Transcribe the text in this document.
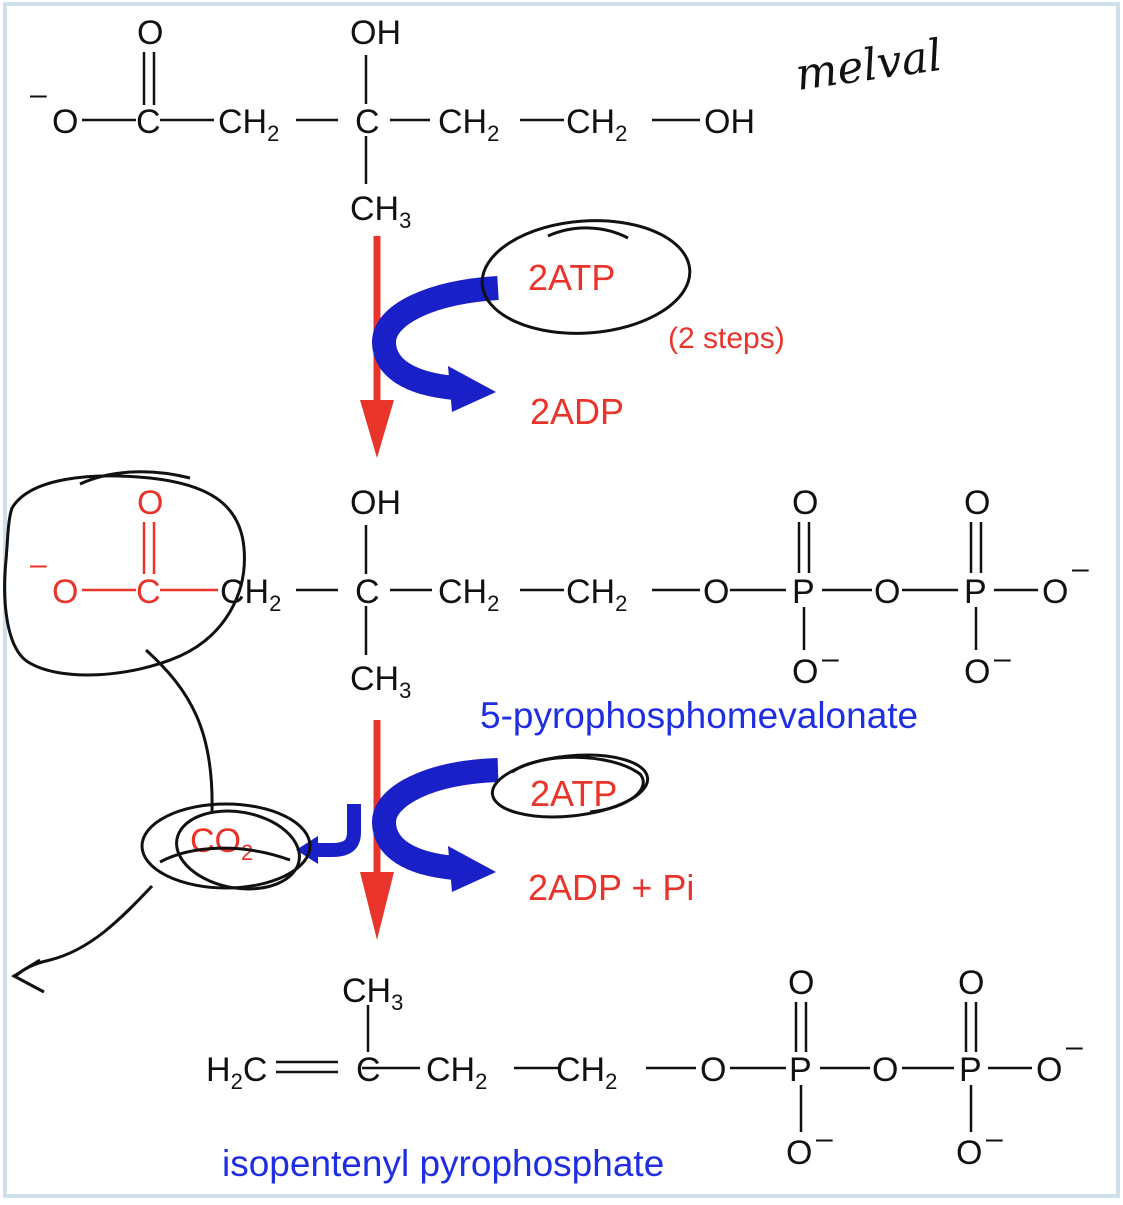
–
O
O
C $CH_2$
OH
C $CH_2$ $CH_2$ OH
$CH_3$
melval
2ATP
(2 steps)
2ADP
–
O
O
C $CH_2$
OH
C $CH_2$ $CH_2$ O
O
P O
O
P O
–
O –	O –
$CH_3$
5-pyrophosphomevalonate
2ATP
2ADP + Pi
$CO_2$
$CH_3$
$H_2C$	C $CH_2$ $CH_2$ O
O
P O
O
P O
–
O –	O –
isopentenyl pyrophosphate
